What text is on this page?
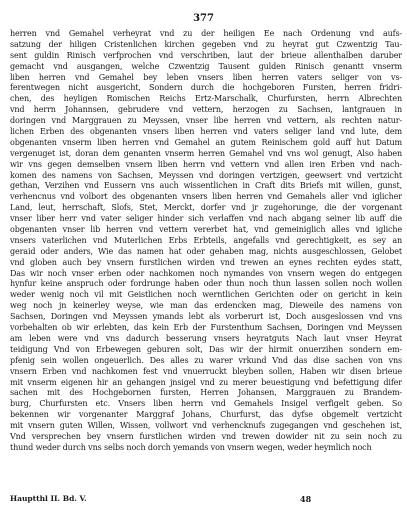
377
herren vnd Gemahel verheyrat vnd zu der heiligen Ee nach Ordenung vnd aufs-
satzung der hiligen Cristenlichen kirchen gegeben vnd zu heyrat gut Czwentzig Tau-
sent guldin Rinisch verfprochen vnd verschriben, laut der brieue allenthalben daruber
gemacht vnd ausgangen, welche Czwentzig Tausent gulden Rinisch genantt vnserm
liben herren vnd Gemahel bey leben vnsers liben herren vaters seliger von vs-
ferentwegen nicht ausgericht, Sondern durch die hochgeboren Fursten, herren fridri-
chen, des heyligen Romischen Reichs Ertz-Marschalk, Churfursten, herrn Albrechten
vnd herrn Johannsen, gebrudere vnd vettern, herzogen zu Sachsen, lantgrauen in
doringen vnd Marggrauen zu Meyssen, vnser libe herren vnd vettern, als rechten natur-
lichen Erben des obgenanten vnsers liben herren vnd vaters seliger land vnd lute, dem
obgenanten vnserm liben herren vnd Gemahel an gutem Reinischem gold auff hut Datum
vergenuget ist, doran dem genanten vnserm herren Gemahel vnd vns wol genugt, Also haben
wir vns gegen demselben vnsern liben herrn vnd vettern vnd allen iren Erben vnd nach-
komen des namens von Sachsen, Meyssen vnd doringen vertzigen, geewsert vnd vertzicht
gethan, Verzihen vnd Eussern vns auch wissentlichen in Craft dits Briefs mit willen, gunst,
verhencnus vnd volbort des obgenanten vnsers liben herren vnd Gemahels aller vnd iglicher
Land, leut, herrschaft, Slofs, Stet, Merckt, dorfer vnd jr zugehorunge, die der vorgenant
vnser liber herr vnd vater seliger hinder sich verlaffen vnd nach abgang seiner lib auff die
obgenanten vnser lib herren vnd vettern vererbet hat, vnd gemeiniglich alles vnd igliche
vnsers vaterlichen vnd Muterlichen Erbs Erbteils, angefalls vnd gerechtigkeit, es sey an
geraid oder anders, Wie das namen hat oder gehaben mag, nichts ausgeschlossen, Gelobet
vnd globen auch bey vnsern furstlichen wirden vnd trewen an eynes rechten eydes statt,
Das wir noch vnser erben oder nachkomen noch nymandes von vnsern wegen do entgegen
hynfur keine anspruch oder fordrunge haben oder thun noch thun lassen sollen noch wollen
weder wenig noch vil mit Geistlichen noch werntlichen Gerichten oder on gericht in kein
weg noch jn keinerley weyse, wie man das erdencken mag, Dieweile des namens von
Sachsen, Doringen vnd Meyssen ymands lebt als vorberurt ist, Doch ausgeslossen vnd vns
vorbehalten ob wir erlebten, das kein Erb der Furstenthum Sachsen, Doringen vnd Meyssen
am leben were vnd vns dadurch besserung vnsers heyratguts Nach laut vnser Heyrat
teidigung Vnd von Erbewegen geburen solt, Das wir der hirmit onuerzihen sondern em-
pfenig sein wollen ongeuerlich. Des alles zu warer vrkund Vnd das dise sachen von vns
vnsern Erben vnd nachkomen fest vnd vnuerruckt bleyben sollen, Haben wir disen brieue
mit vnserm eigenen hir an gehangen jnsigel vnd zu merer beuestigung vnd befettigung difer
sachen mit des Hochgebornen fursten, Herren Johansen, Marggrauen zu Brandem-
burg, Churfursten etc. Vnsers liben herrn vnd Gemahels Insigel verfigelt geben. So
bekennen wir vorgenanter Marggraf Johans, Churfurst, das dyfse obgemelt vertzicht
mit vnsern guten Willen, Wissen, vollwort vnd verhencknufs zugegangen vnd geschehen ist,
Vnd versprechen bey vnsern furstlichen wirden vnd trewen dowider nit zu sein noch zu
thund weder durch vns selbs noch dorch yemands von vnsern wegen, weder heymlich noch
Hauptthl II. Bd. V.	48
